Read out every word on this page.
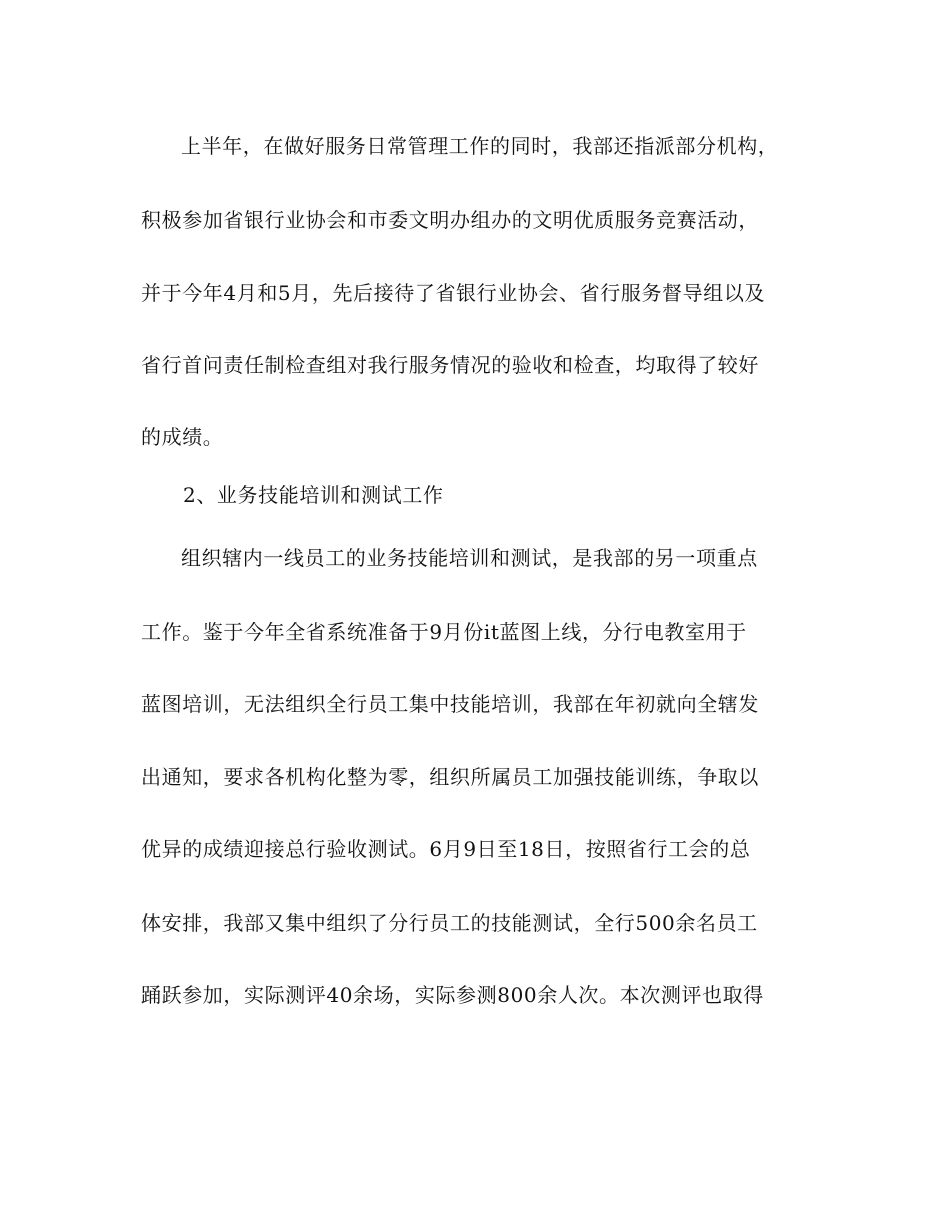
上半年，在做好服务日常管理工作的同时，我部还指派部分机构，
积极参加省银行业协会和市委文明办组办的文明优质服务竞赛活动，
并于今年4月和5月，先后接待了省银行业协会、省行服务督导组以及
省行首问责任制检查组对我行服务情况的验收和检查，均取得了较好
的成绩。
2、业务技能培训和测试工作
组织辖内一线员工的业务技能培训和测试，是我部的另一项重点
工作。鉴于今年全省系统准备于9月份it蓝图上线，分行电教室用于
蓝图培训，无法组织全行员工集中技能培训，我部在年初就向全辖发
出通知，要求各机构化整为零，组织所属员工加强技能训练，争取以
优异的成绩迎接总行验收测试。6月9日至18日，按照省行工会的总
体安排，我部又集中组织了分行员工的技能测试，全行500余名员工
踊跃参加，实际测评40余场，实际参测800余人次。本次测评也取得
